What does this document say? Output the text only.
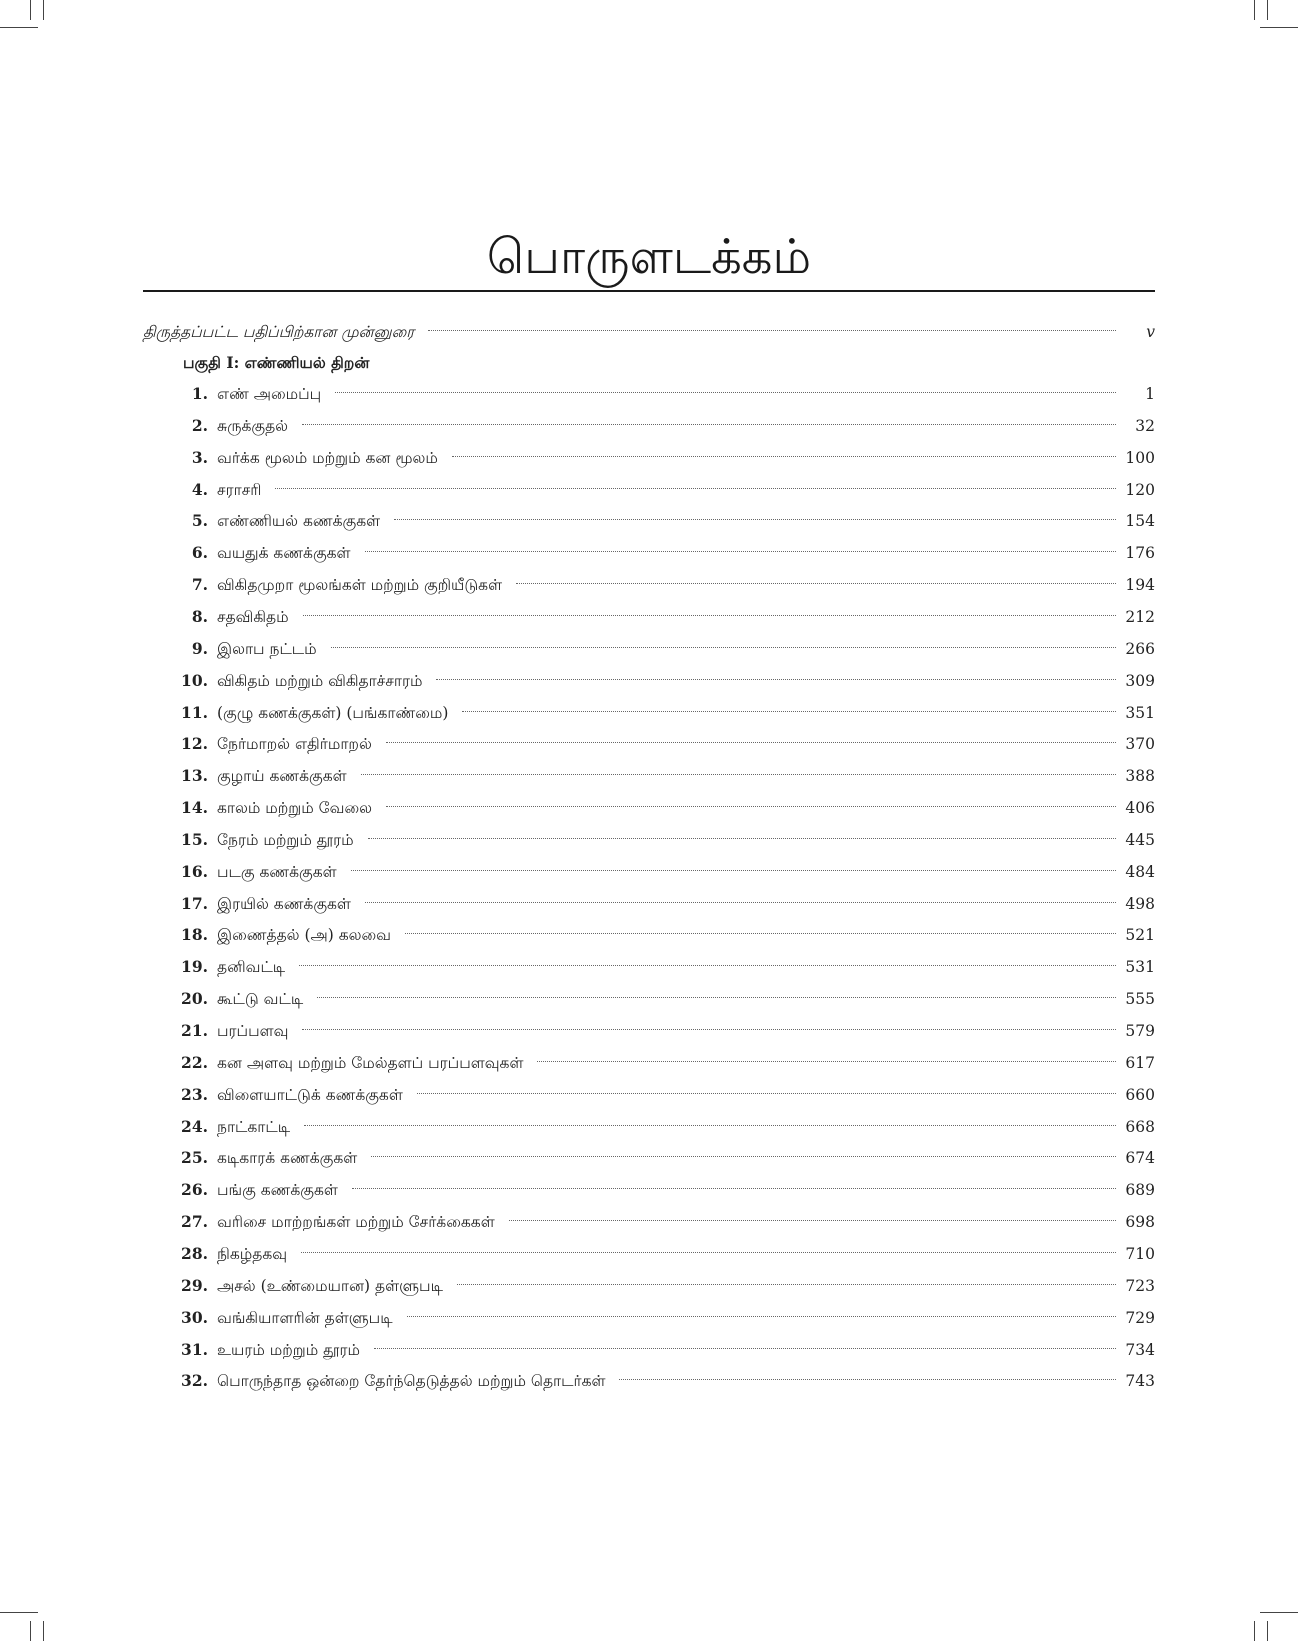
பொருளடக்கம்
திருத்தப்பட்ட பதிப்பிற்கான முன்னுரை	v
பகுதி I: எண்ணியல் திறன்
1. எண் அமைப்பு	1
2. சுருக்குதல்	32
3. வர்க்க மூலம் மற்றும் கன மூலம்	100
4. சராசரி	120
5. எண்ணியல் கணக்குகள்	154
6. வயதுக் கணக்குகள்	176
7. விகிதமுறா மூலங்கள் மற்றும் குறியீடுகள்	194
8. சதவிகிதம்	212
9. இலாப நட்டம்	266
10. விகிதம் மற்றும் விகிதாச்சாரம்	309
11. (குழு கணக்குகள்) (பங்காண்மை)	351
12. நேர்மாறல் எதிர்மாறல்	370
13. குழாய் கணக்குகள்	388
14. காலம் மற்றும் வேலை	406
15. நேரம் மற்றும் தூரம்	445
16. படகு கணக்குகள்	484
17. இரயில் கணக்குகள்	498
18. இணைத்தல் (அ) கலவை	521
19. தனிவட்டி	531
20. கூட்டு வட்டி	555
21. பரப்பளவு	579
22. கன அளவு மற்றும் மேல்தளப் பரப்பளவுகள்	617
23. விளையாட்டுக் கணக்குகள்	660
24. நாட்காட்டி	668
25. கடிகாரக் கணக்குகள்	674
26. பங்கு கணக்குகள்	689
27. வரிசை மாற்றங்கள் மற்றும் சேர்க்கைகள்	698
28. நிகழ்தகவு	710
29. அசல் (உண்மையான) தள்ளுபடி	723
30. வங்கியாளரின் தள்ளுபடி	729
31. உயரம் மற்றும் தூரம்	734
32. பொருந்தாத ஒன்றை தேர்ந்தெடுத்தல் மற்றும் தொடர்கள்	743
